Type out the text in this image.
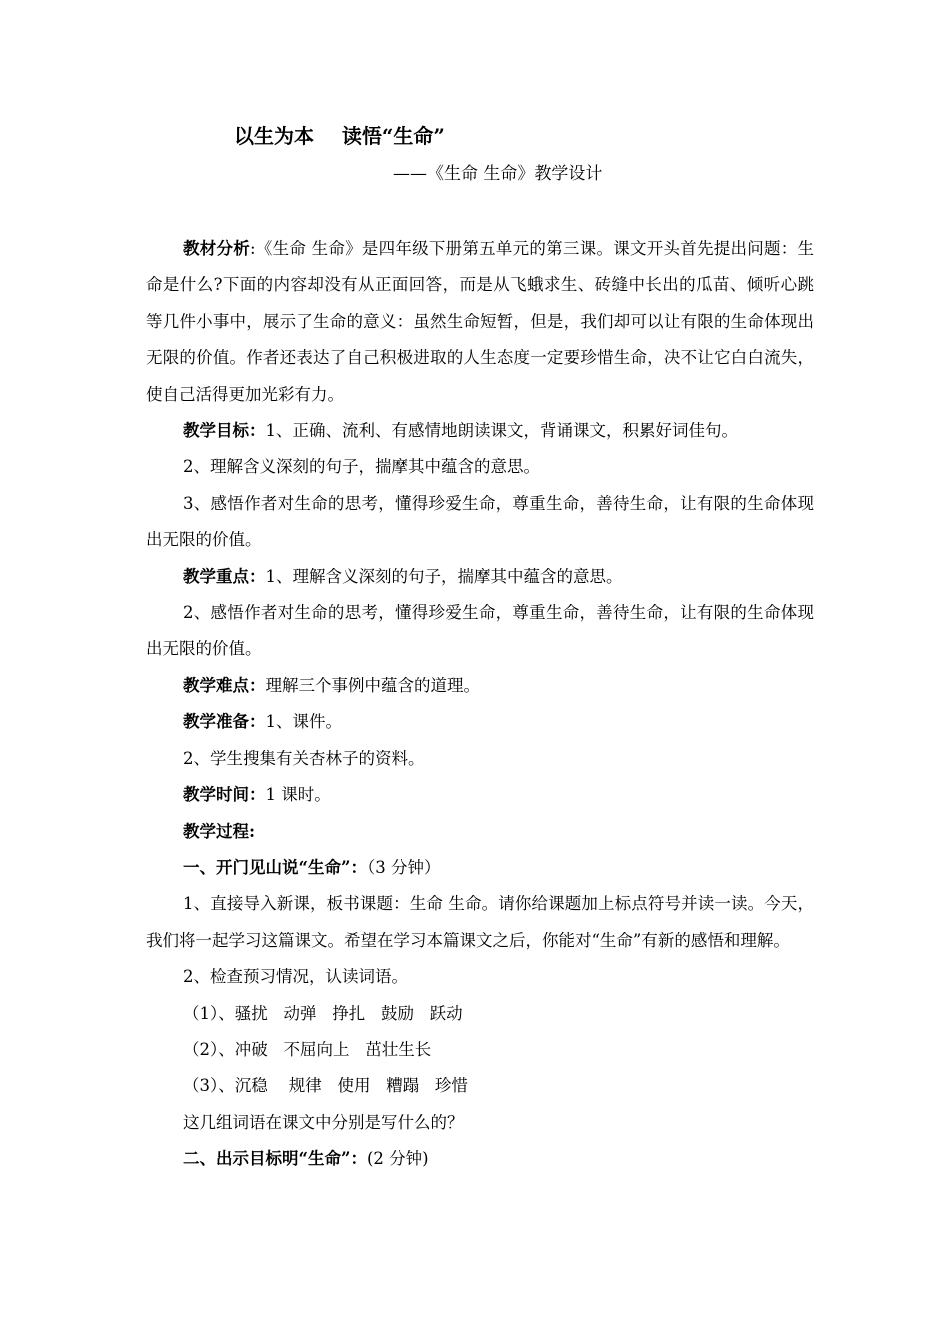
以生为本    读悟“生命”
——《生命 生命》教学设计

教材分析:《生命 生命》是四年级下册第五单元的第三课。课文开头首先提出问题：生命是什么?下面的内容却没有从正面回答，而是从飞蛾求生、砖缝中长出的瓜苗、倾听心跳等几件小事中，展示了生命的意义：虽然生命短暂，但是，我们却可以让有限的生命体现出无限的价值。作者还表达了自己积极进取的人生态度一定要珍惜生命，决不让它白白流失，使自己活得更加光彩有力。

教学目标：1、正确、流利、有感情地朗读课文，背诵课文，积累好词佳句。

2、理解含义深刻的句子，揣摩其中蕴含的意思。

3、感悟作者对生命的思考，懂得珍爱生命，尊重生命，善待生命，让有限的生命体现出无限的价值。

教学重点：1、理解含义深刻的句子，揣摩其中蕴含的意思。

2、感悟作者对生命的思考，懂得珍爱生命，尊重生命，善待生命，让有限的生命体现出无限的价值。

教学难点：理解三个事例中蕴含的道理。

教学准备：1、课件。

2、学生搜集有关杏林子的资料。

教学时间：1 课时。

教学过程:

一、开门见山说“生命”：（3 分钟）

1、直接导入新课，板书课题：生命 生命。请你给课题加上标点符号并读一读。今天，我们将一起学习这篇课文。希望在学习本篇课文之后，你能对“生命”有新的感悟和理解。

2、检查预习情况，认读词语。

（1）、骚扰   动弹   挣扎   鼓励   跃动

（2）、冲破   不屈向上   茁壮生长

（3）、沉稳    规律   使用   糟蹋   珍惜

这几组词语在课文中分别是写什么的？

二、出示目标明“生命”：(2 分钟)
